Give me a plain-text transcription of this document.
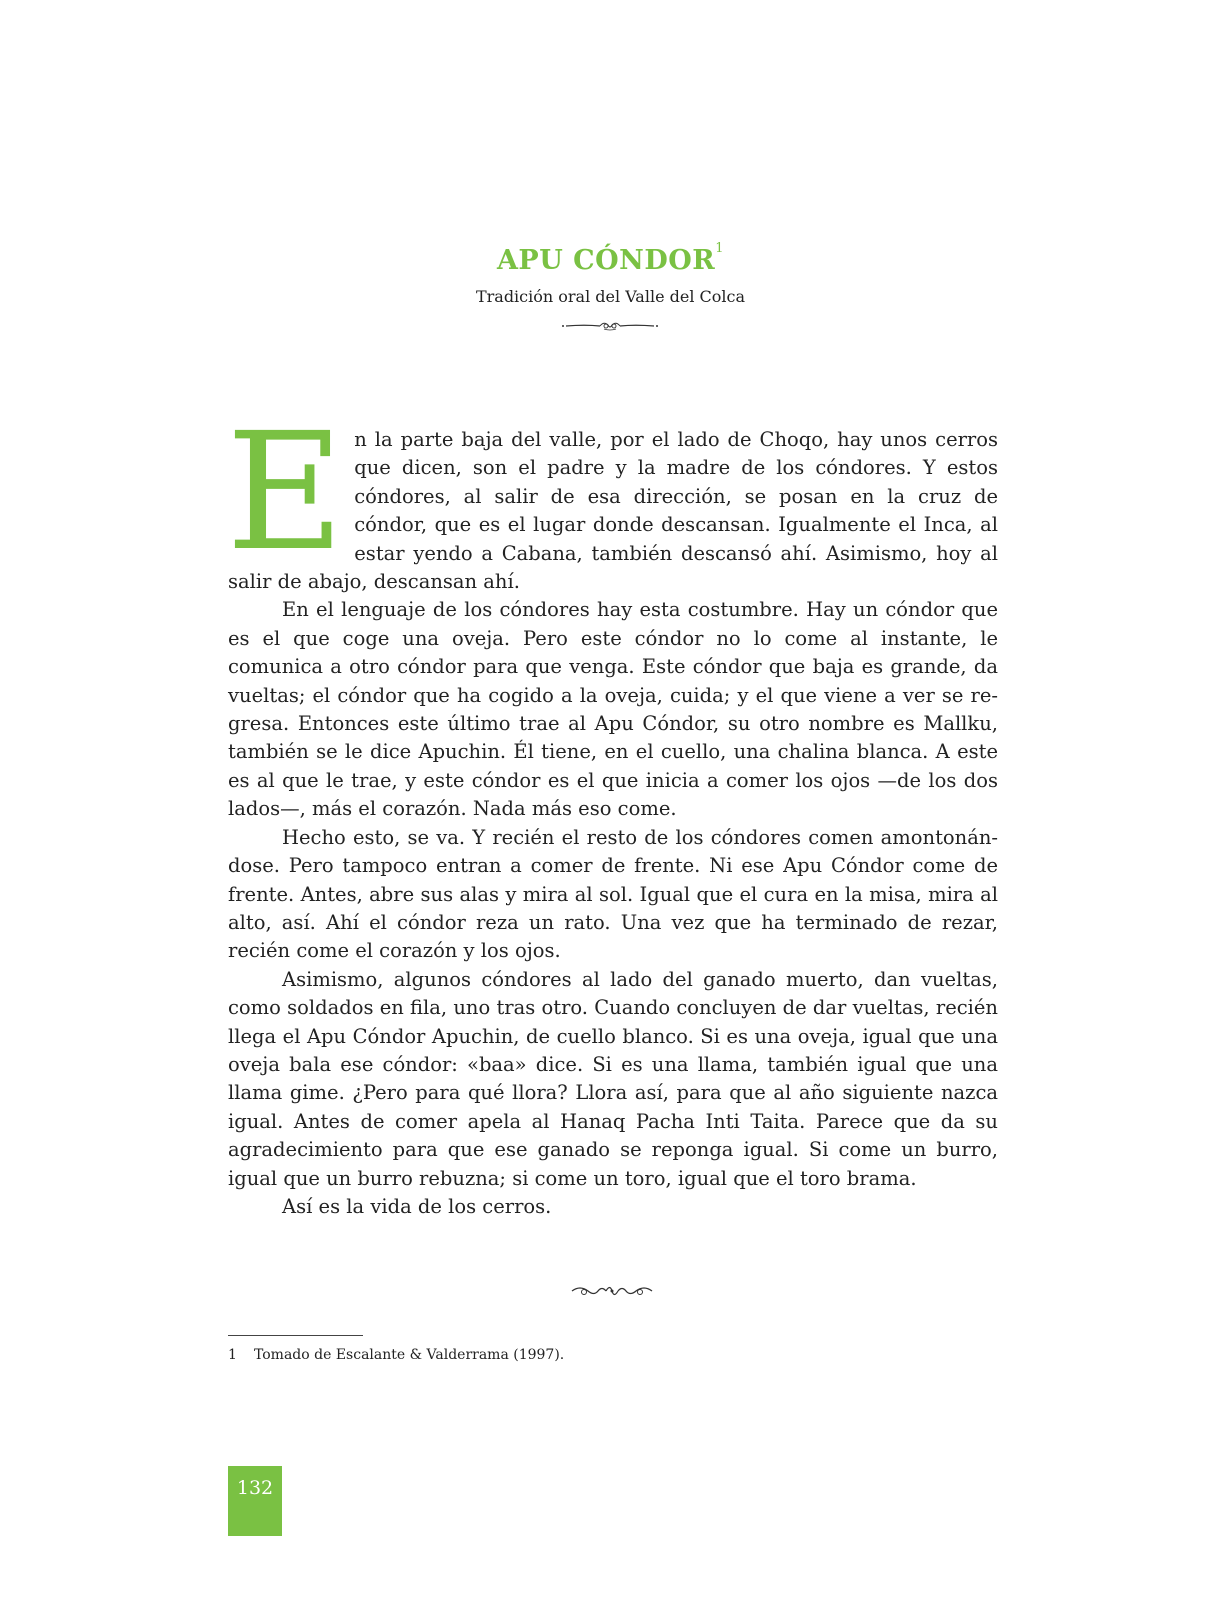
APU CÓNDOR$^1$
Tradición oral del Valle del Colca

En la parte baja del valle, por el lado de Choqo, hay unos cerros que dicen, son el padre y la madre de los cóndores. Y estos cóndores, al salir de esa dirección, se posan en la cruz de cóndor, que es el lugar donde descansan. Igualmente el Inca, al estar yendo a Cabana, también descansó ahí. Asimismo, hoy al salir de abajo, descansan ahí.

En el lenguaje de los cóndores hay esta costumbre. Hay un cóndor que es el que coge una oveja. Pero este cóndor no lo come al instante, le comunica a otro cóndor para que venga. Este cóndor que baja es grande, da vueltas; el cóndor que ha cogido a la oveja, cuida; y el que viene a ver se regresa. Entonces este último trae al Apu Cóndor, su otro nombre es Mallku, también se le dice Apuchin. Él tiene, en el cuello, una chalina blanca. A este es al que le trae, y este cóndor es el que inicia a comer los ojos —de los dos lados—, más el corazón. Nada más eso come.

Hecho esto, se va. Y recién el resto de los cóndores comen amontonándose. Pero tampoco entran a comer de frente. Ni ese Apu Cóndor come de frente. Antes, abre sus alas y mira al sol. Igual que el cura en la misa, mira al alto, así. Ahí el cóndor reza un rato. Una vez que ha terminado de rezar, recién come el corazón y los ojos.

Asimismo, algunos cóndores al lado del ganado muerto, dan vueltas, como soldados en fila, uno tras otro. Cuando concluyen de dar vueltas, recién llega el Apu Cóndor Apuchin, de cuello blanco. Si es una oveja, igual que una oveja bala ese cóndor: «baa» dice. Si es una llama, también igual que una llama gime. ¿Pero para qué llora? Llora así, para que al año siguiente nazca igual. Antes de comer apela al Hanaq Pacha Inti Taita. Parece que da su agradecimiento para que ese ganado se reponga igual. Si come un burro, igual que un burro rebuzna; si come un toro, igual que el toro brama.

Así es la vida de los cerros.

1 Tomado de Escalante & Valderrama (1997).
132
